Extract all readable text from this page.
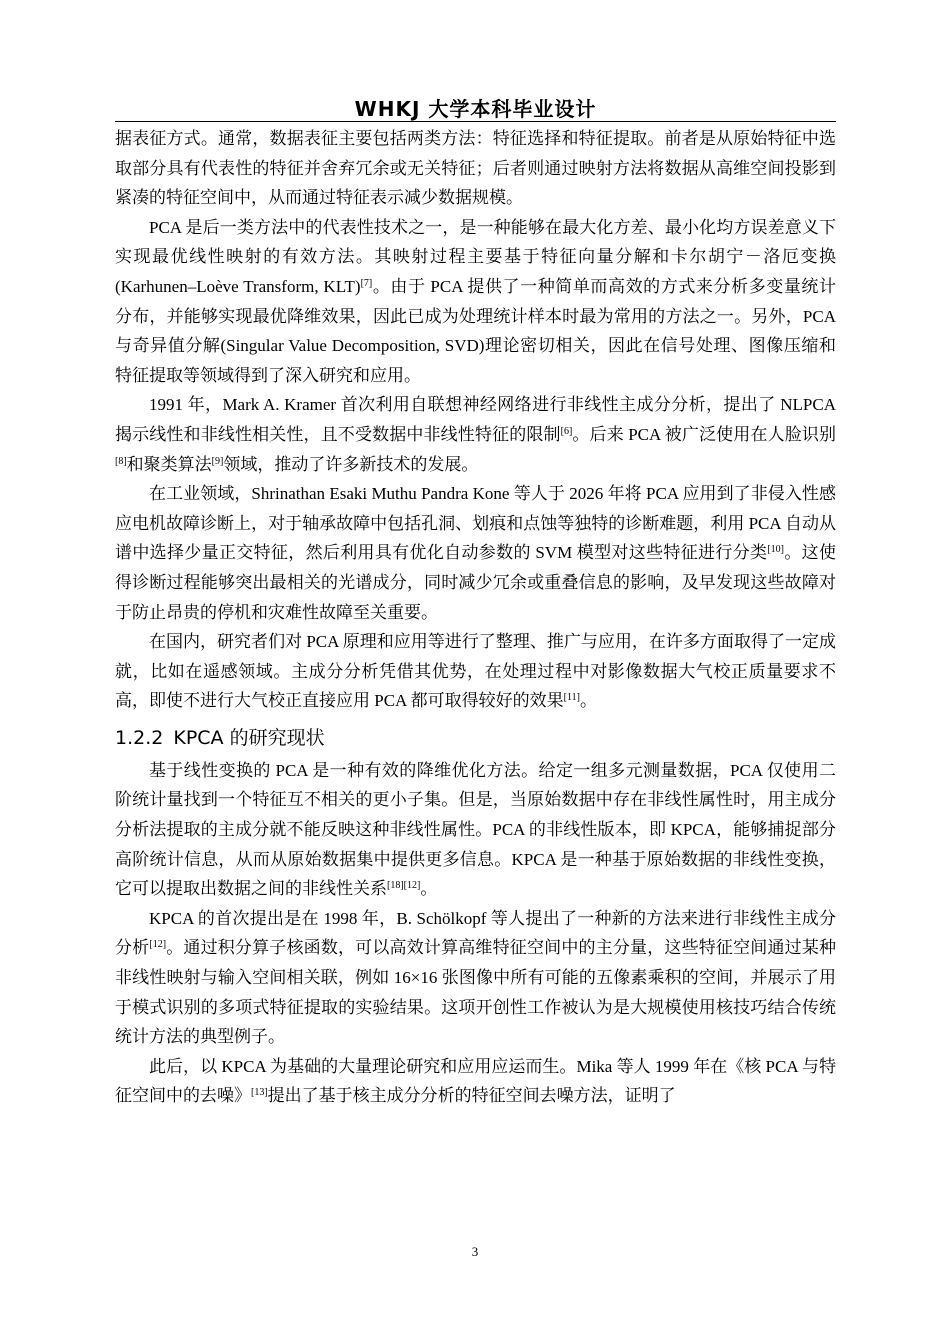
WHKJ 大学本科毕业设计

据表征方式。通常，数据表征主要包括两类方法：特征选择和特征提取。前者是从原始特征中选取部分具有代表性的特征并舍弃冗余或无关特征；后者则通过映射方法将数据从高维空间投影到紧凑的特征空间中，从而通过特征表示减少数据规模。

PCA 是后一类方法中的代表性技术之一，是一种能够在最大化方差、最小化均方误差意义下实现最优线性映射的有效方法。其映射过程主要基于特征向量分解和卡尔胡宁－洛厄变换(Karhunen–Loève Transform, KLT)[7]。由于 PCA 提供了一种简单而高效的方式来分析多变量统计分布，并能够实现最优降维效果，因此已成为处理统计样本时最为常用的方法之一。另外，PCA 与奇异值分解(Singular Value Decomposition, SVD)理论密切相关，因此在信号处理、图像压缩和特征提取等领域得到了深入研究和应用。

1991 年，Mark A. Kramer 首次利用自联想神经网络进行非线性主成分分析，提出了 NLPCA 揭示线性和非线性相关性，且不受数据中非线性特征的限制[6]。后来 PCA 被广泛使用在人脸识别[8]和聚类算法[9]领域，推动了许多新技术的发展。

在工业领域，Shrinathan Esaki Muthu Pandra Kone 等人于 2026 年将 PCA 应用到了非侵入性感应电机故障诊断上，对于轴承故障中包括孔洞、划痕和点蚀等独特的诊断难题，利用 PCA 自动从谱中选择少量正交特征，然后利用具有优化自动参数的 SVM 模型对这些特征进行分类[10]。这使得诊断过程能够突出最相关的光谱成分，同时减少冗余或重叠信息的影响，及早发现这些故障对于防止昂贵的停机和灾难性故障至关重要。

在国内，研究者们对 PCA 原理和应用等进行了整理、推广与应用，在许多方面取得了一定成就，比如在遥感领域。主成分分析凭借其优势，在处理过程中对影像数据大气校正质量要求不高，即使不进行大气校正直接应用 PCA 都可取得较好的效果[11]。

1.2.2 KPCA 的研究现状

基于线性变换的 PCA 是一种有效的降维优化方法。给定一组多元测量数据，PCA 仅使用二阶统计量找到一个特征互不相关的更小子集。但是，当原始数据中存在非线性属性时，用主成分分析法提取的主成分就不能反映这种非线性属性。PCA 的非线性版本，即 KPCA，能够捕捉部分高阶统计信息，从而从原始数据集中提供更多信息。KPCA 是一种基于原始数据的非线性变换，它可以提取出数据之间的非线性关系[18][12]。

KPCA 的首次提出是在 1998 年，B. Schölkopf 等人提出了一种新的方法来进行非线性主成分分析[12]。通过积分算子核函数，可以高效计算高维特征空间中的主分量，这些特征空间通过某种非线性映射与输入空间相关联，例如 16×16 张图像中所有可能的五像素乘积的空间，并展示了用于模式识别的多项式特征提取的实验结果。这项开创性工作被认为是大规模使用核技巧结合传统统计方法的典型例子。

此后，以 KPCA 为基础的大量理论研究和应用应运而生。Mika 等人 1999 年在《核 PCA 与特征空间中的去噪》[13]提出了基于核主成分分析的特征空间去噪方法，证明了

3
